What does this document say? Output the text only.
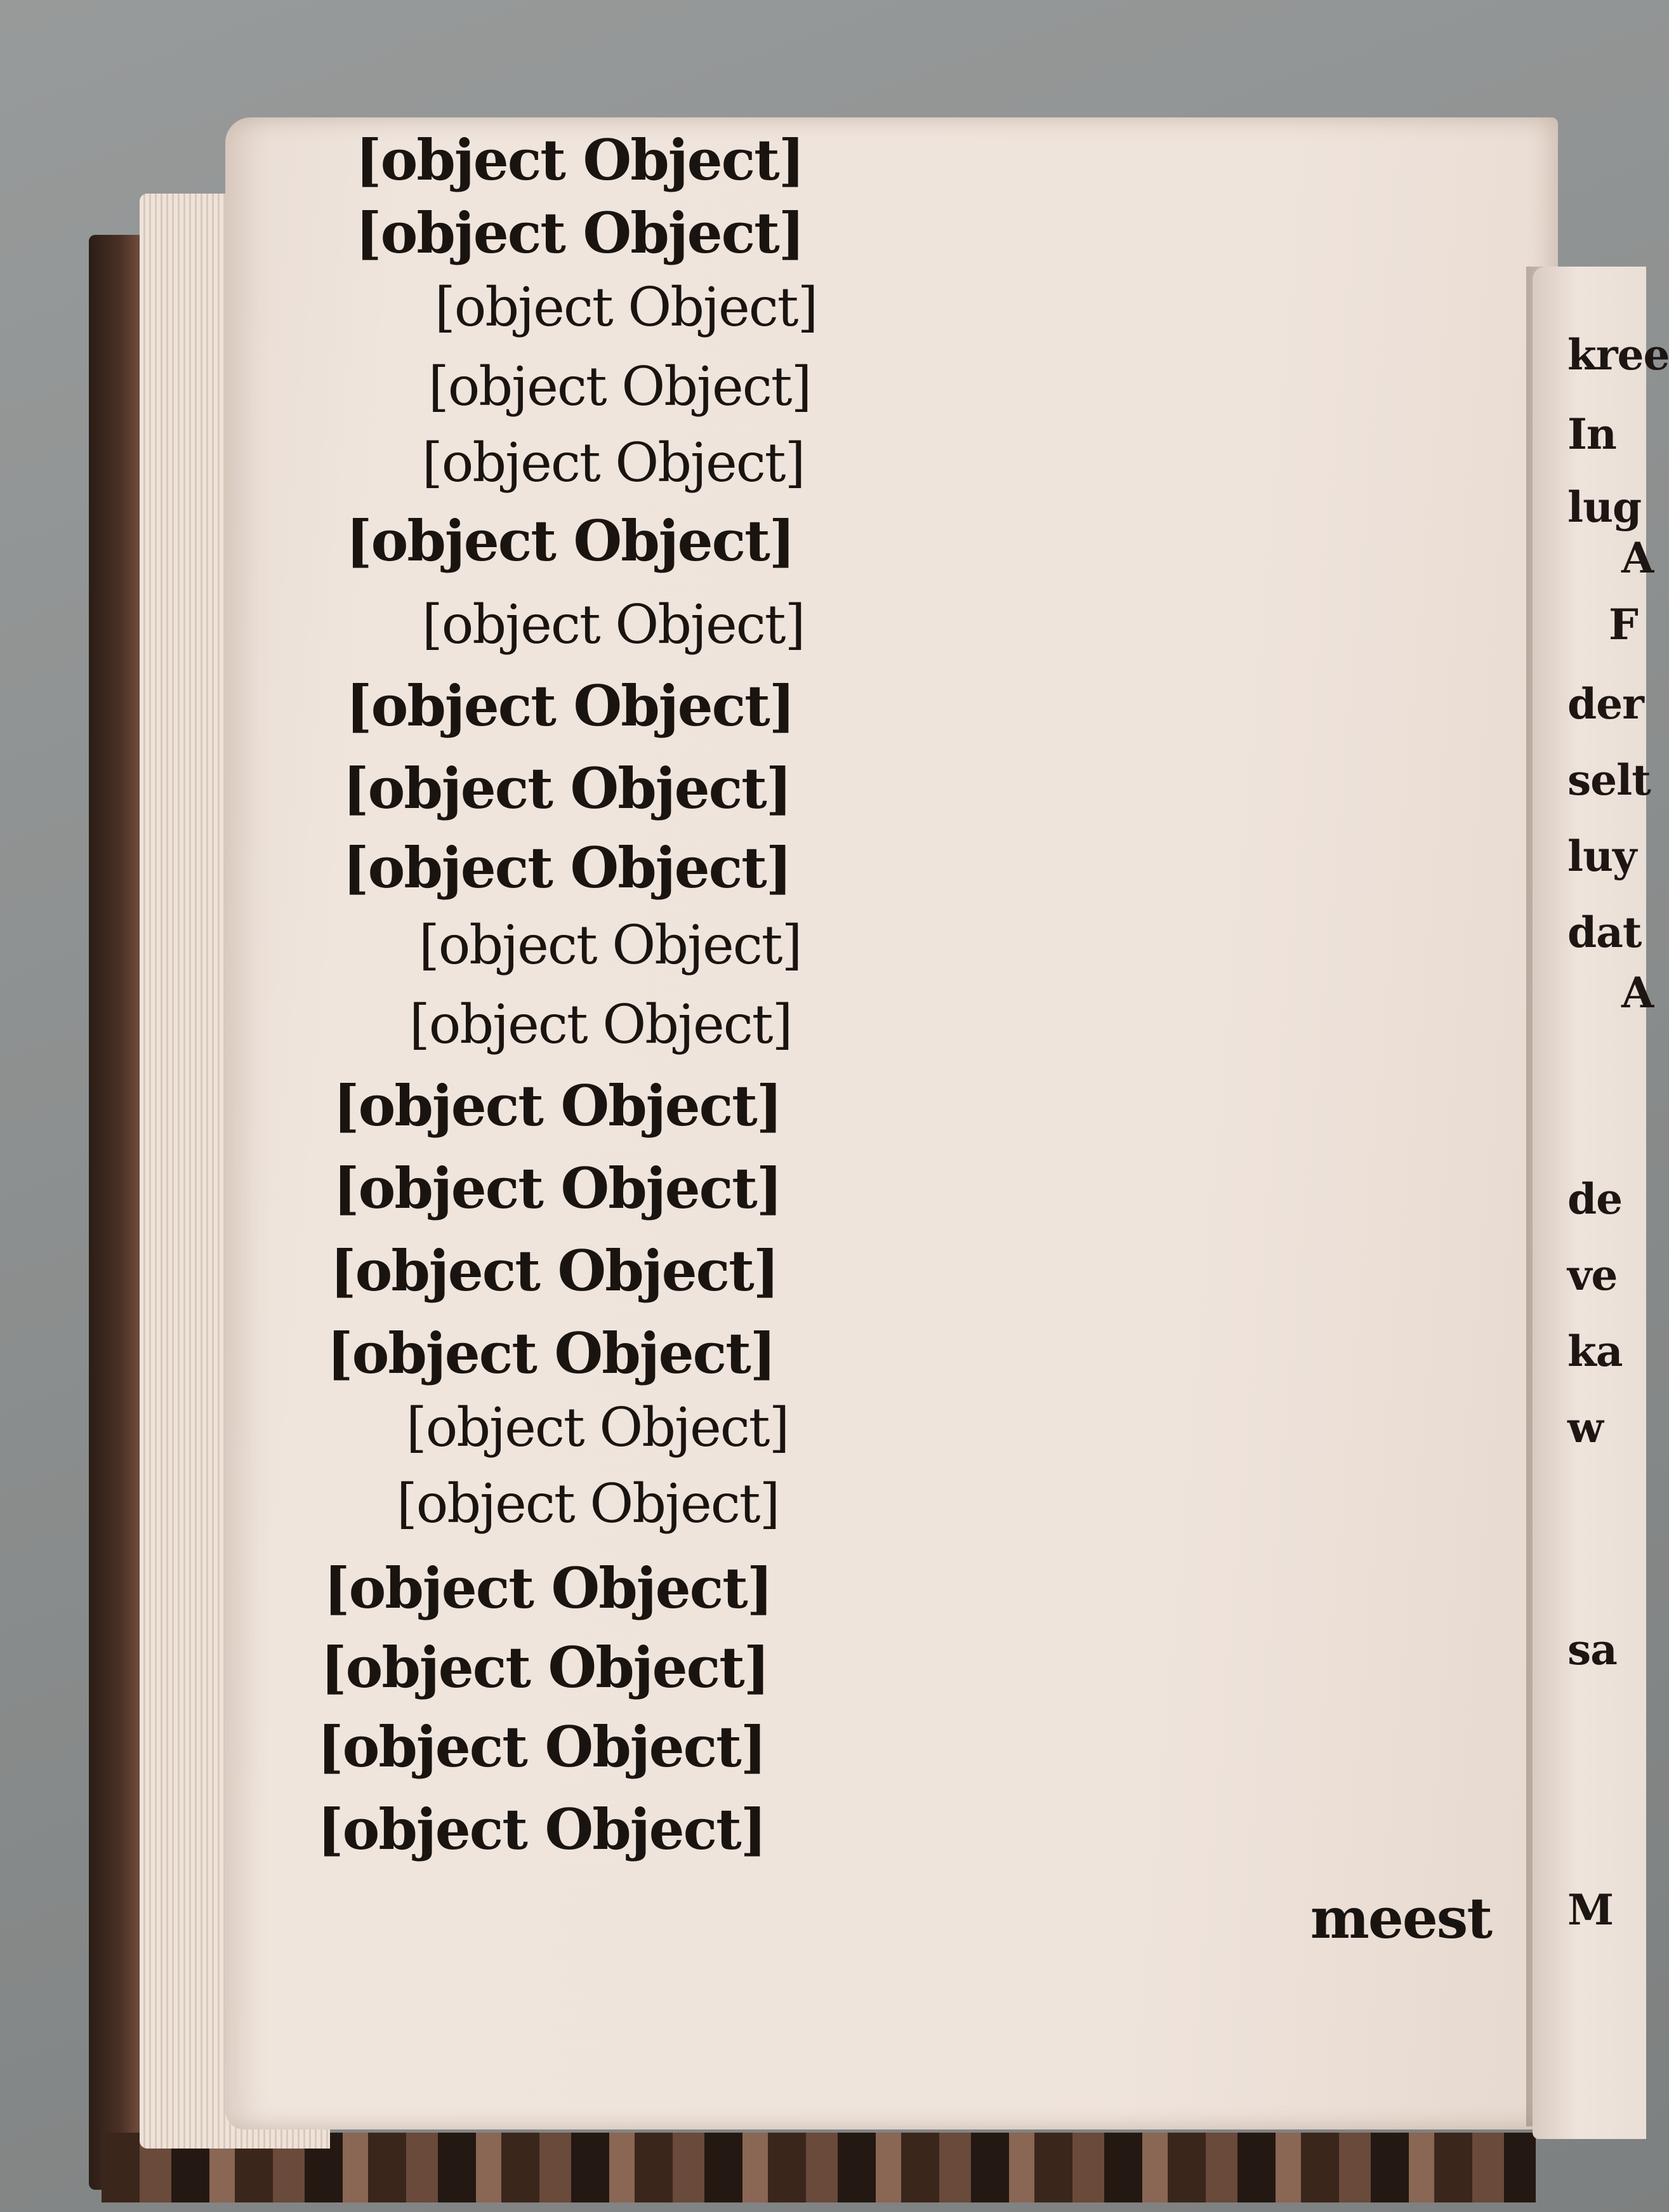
kree
In
lug
A
F
der
selt
luy
dat
A
de
ve
ka
w
sa
M
[object Object]
[object Object]
[object Object]
[object Object]
[object Object]
[object Object]
[object Object]
[object Object]
[object Object]
[object Object]
[object Object]
[object Object]
[object Object]
[object Object]
[object Object]
[object Object]
[object Object]
[object Object]
[object Object]
[object Object]
[object Object]
[object Object]
meest
